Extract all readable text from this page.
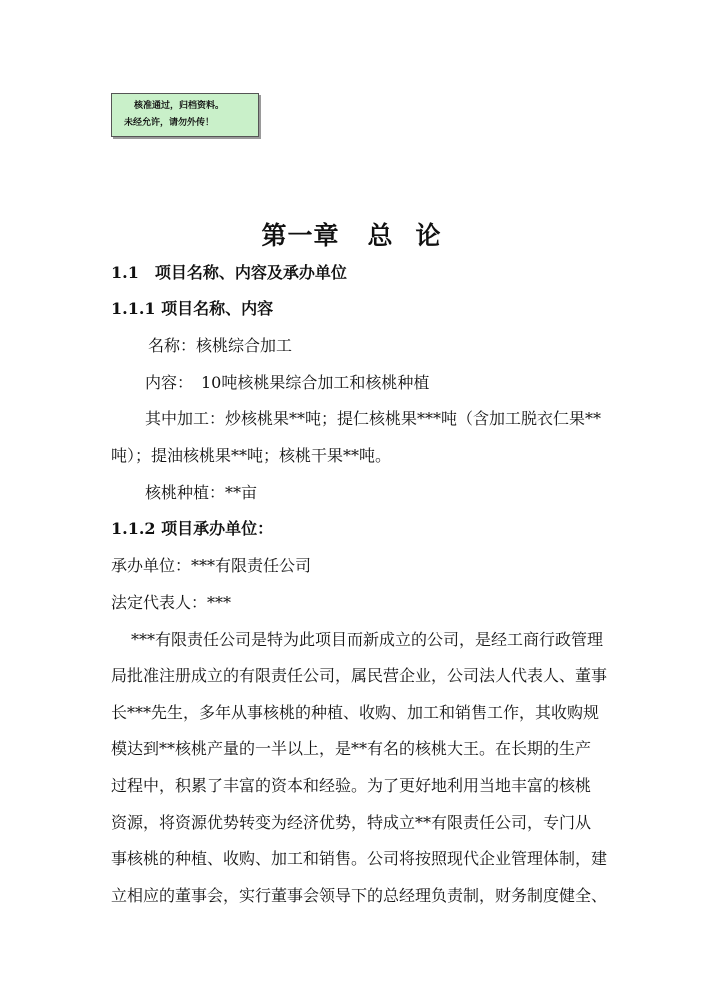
核准通过，归档资料。
未经允许，请勿外传！
第一章 总 论
1.1　项目名称、内容及承办单位
1.1.1 项目名称、内容
名称：核桃综合加工
内容：　10吨核桃果综合加工和核桃种植
其中加工：炒核桃果**吨；提仁核桃果***吨（含加工脱衣仁果**
吨）；提油核桃果**吨；核桃干果**吨。
核桃种植：**亩
1.1.2 项目承办单位：
承办单位：***有限责任公司
法定代表人：***
***有限责任公司是特为此项目而新成立的公司，是经工商行政管理
局批准注册成立的有限责任公司，属民营企业，公司法人代表人、董事
长***先生，多年从事核桃的种植、收购、加工和销售工作，其收购规
模达到**核桃产量的一半以上，是**有名的核桃大王。在长期的生产
过程中，积累了丰富的资本和经验。为了更好地利用当地丰富的核桃
资源，将资源优势转变为经济优势，特成立**有限责任公司，专门从
事核桃的种植、收购、加工和销售。公司将按照现代企业管理体制，建
立相应的董事会，实行董事会领导下的总经理负责制，财务制度健全、
